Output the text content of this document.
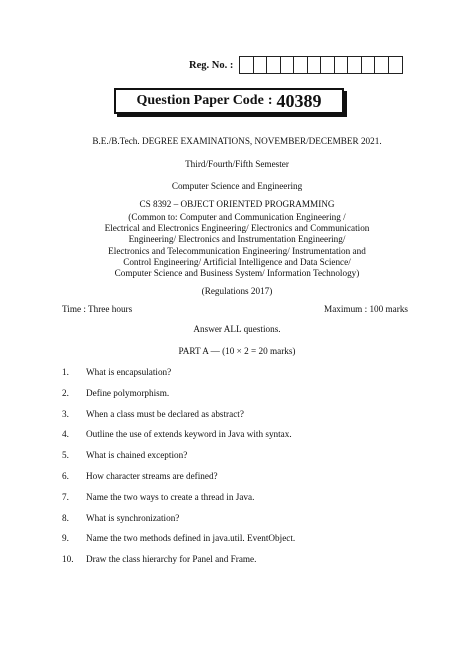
Reg. No. :
Question Paper Code : 40389
B.E./B.Tech. DEGREE EXAMINATIONS, NOVEMBER/DECEMBER 2021.
Third/Fourth/Fifth Semester
Computer Science and Engineering
CS 8392 – OBJECT ORIENTED PROGRAMMING
(Common to: Computer and Communication Engineering /
Electrical and Electronics Engineering/ Electronics and Communication
Engineering/ Electronics and Instrumentation Engineering/
Electronics and Telecommunication Engineering/ Instrumentation and
Control Engineering/ Artificial Intelligence and Data Science/
Computer Science and Business System/ Information Technology)
(Regulations 2017)
Time : Three hours	Maximum : 100 marks
Answer ALL questions.
PART A — (10 × 2 = 20 marks)
1.	What is encapsulation?
2.	Define polymorphism.
3.	When a class must be declared as abstract?
4.	Outline the use of extends keyword in Java with syntax.
5.	What is chained exception?
6.	How character streams are defined?
7.	Name the two ways to create a thread in Java.
8.	What is synchronization?
9.	Name the two methods defined in java.util. EventObject.
10.	Draw the class hierarchy for Panel and Frame.
